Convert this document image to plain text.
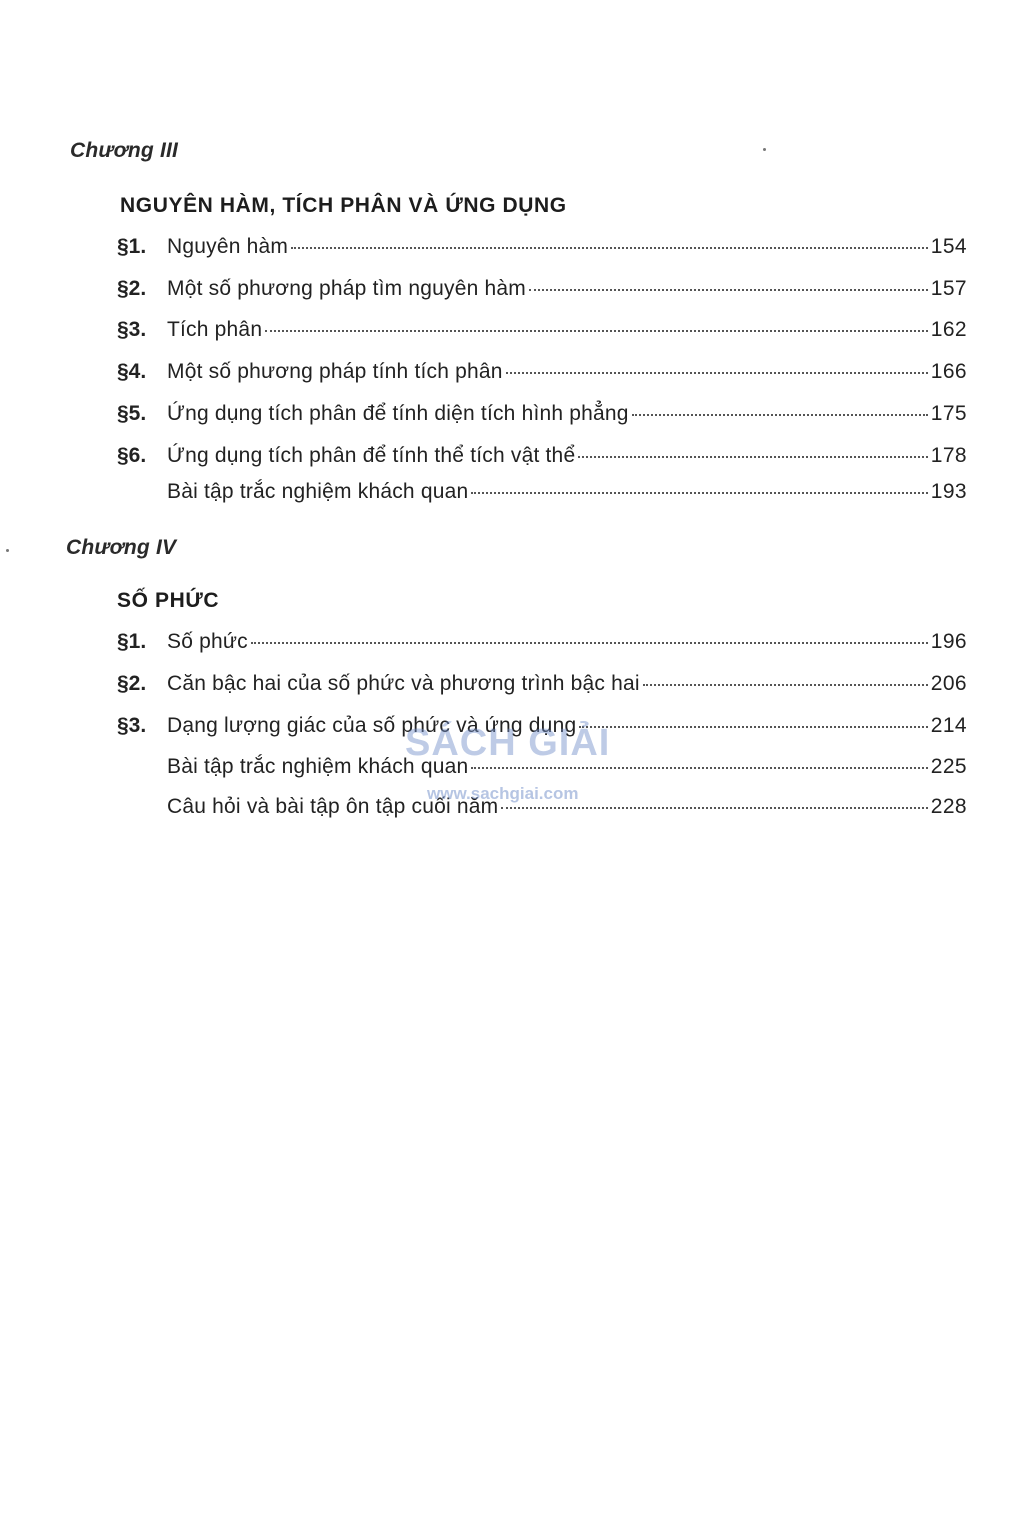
Chương III
NGUYÊN HÀM, TÍCH PHÂN VÀ ỨNG DỤNG
§1. Nguyên hàm	154
§2. Một số phương pháp tìm nguyên hàm	157
§3. Tích phân	162
§4. Một số phương pháp tính tích phân	166
§5. Ứng dụng tích phân để tính diện tích hình phẳng	175
§6. Ứng dụng tích phân để tính thể tích vật thể	178
Bài tập trắc nghiệm khách quan	193
Chương IV
SỐ PHỨC
§1. Số phức	196
§2. Căn bậc hai của số phức và phương trình bậc hai	206
§3. Dạng lượng giác của số phức và ứng dụng	214
Bài tập trắc nghiệm khách quan	225
Câu hỏi và bài tập ôn tập cuối năm	228
SÁCH GIẢI
www.sachgiai.com
